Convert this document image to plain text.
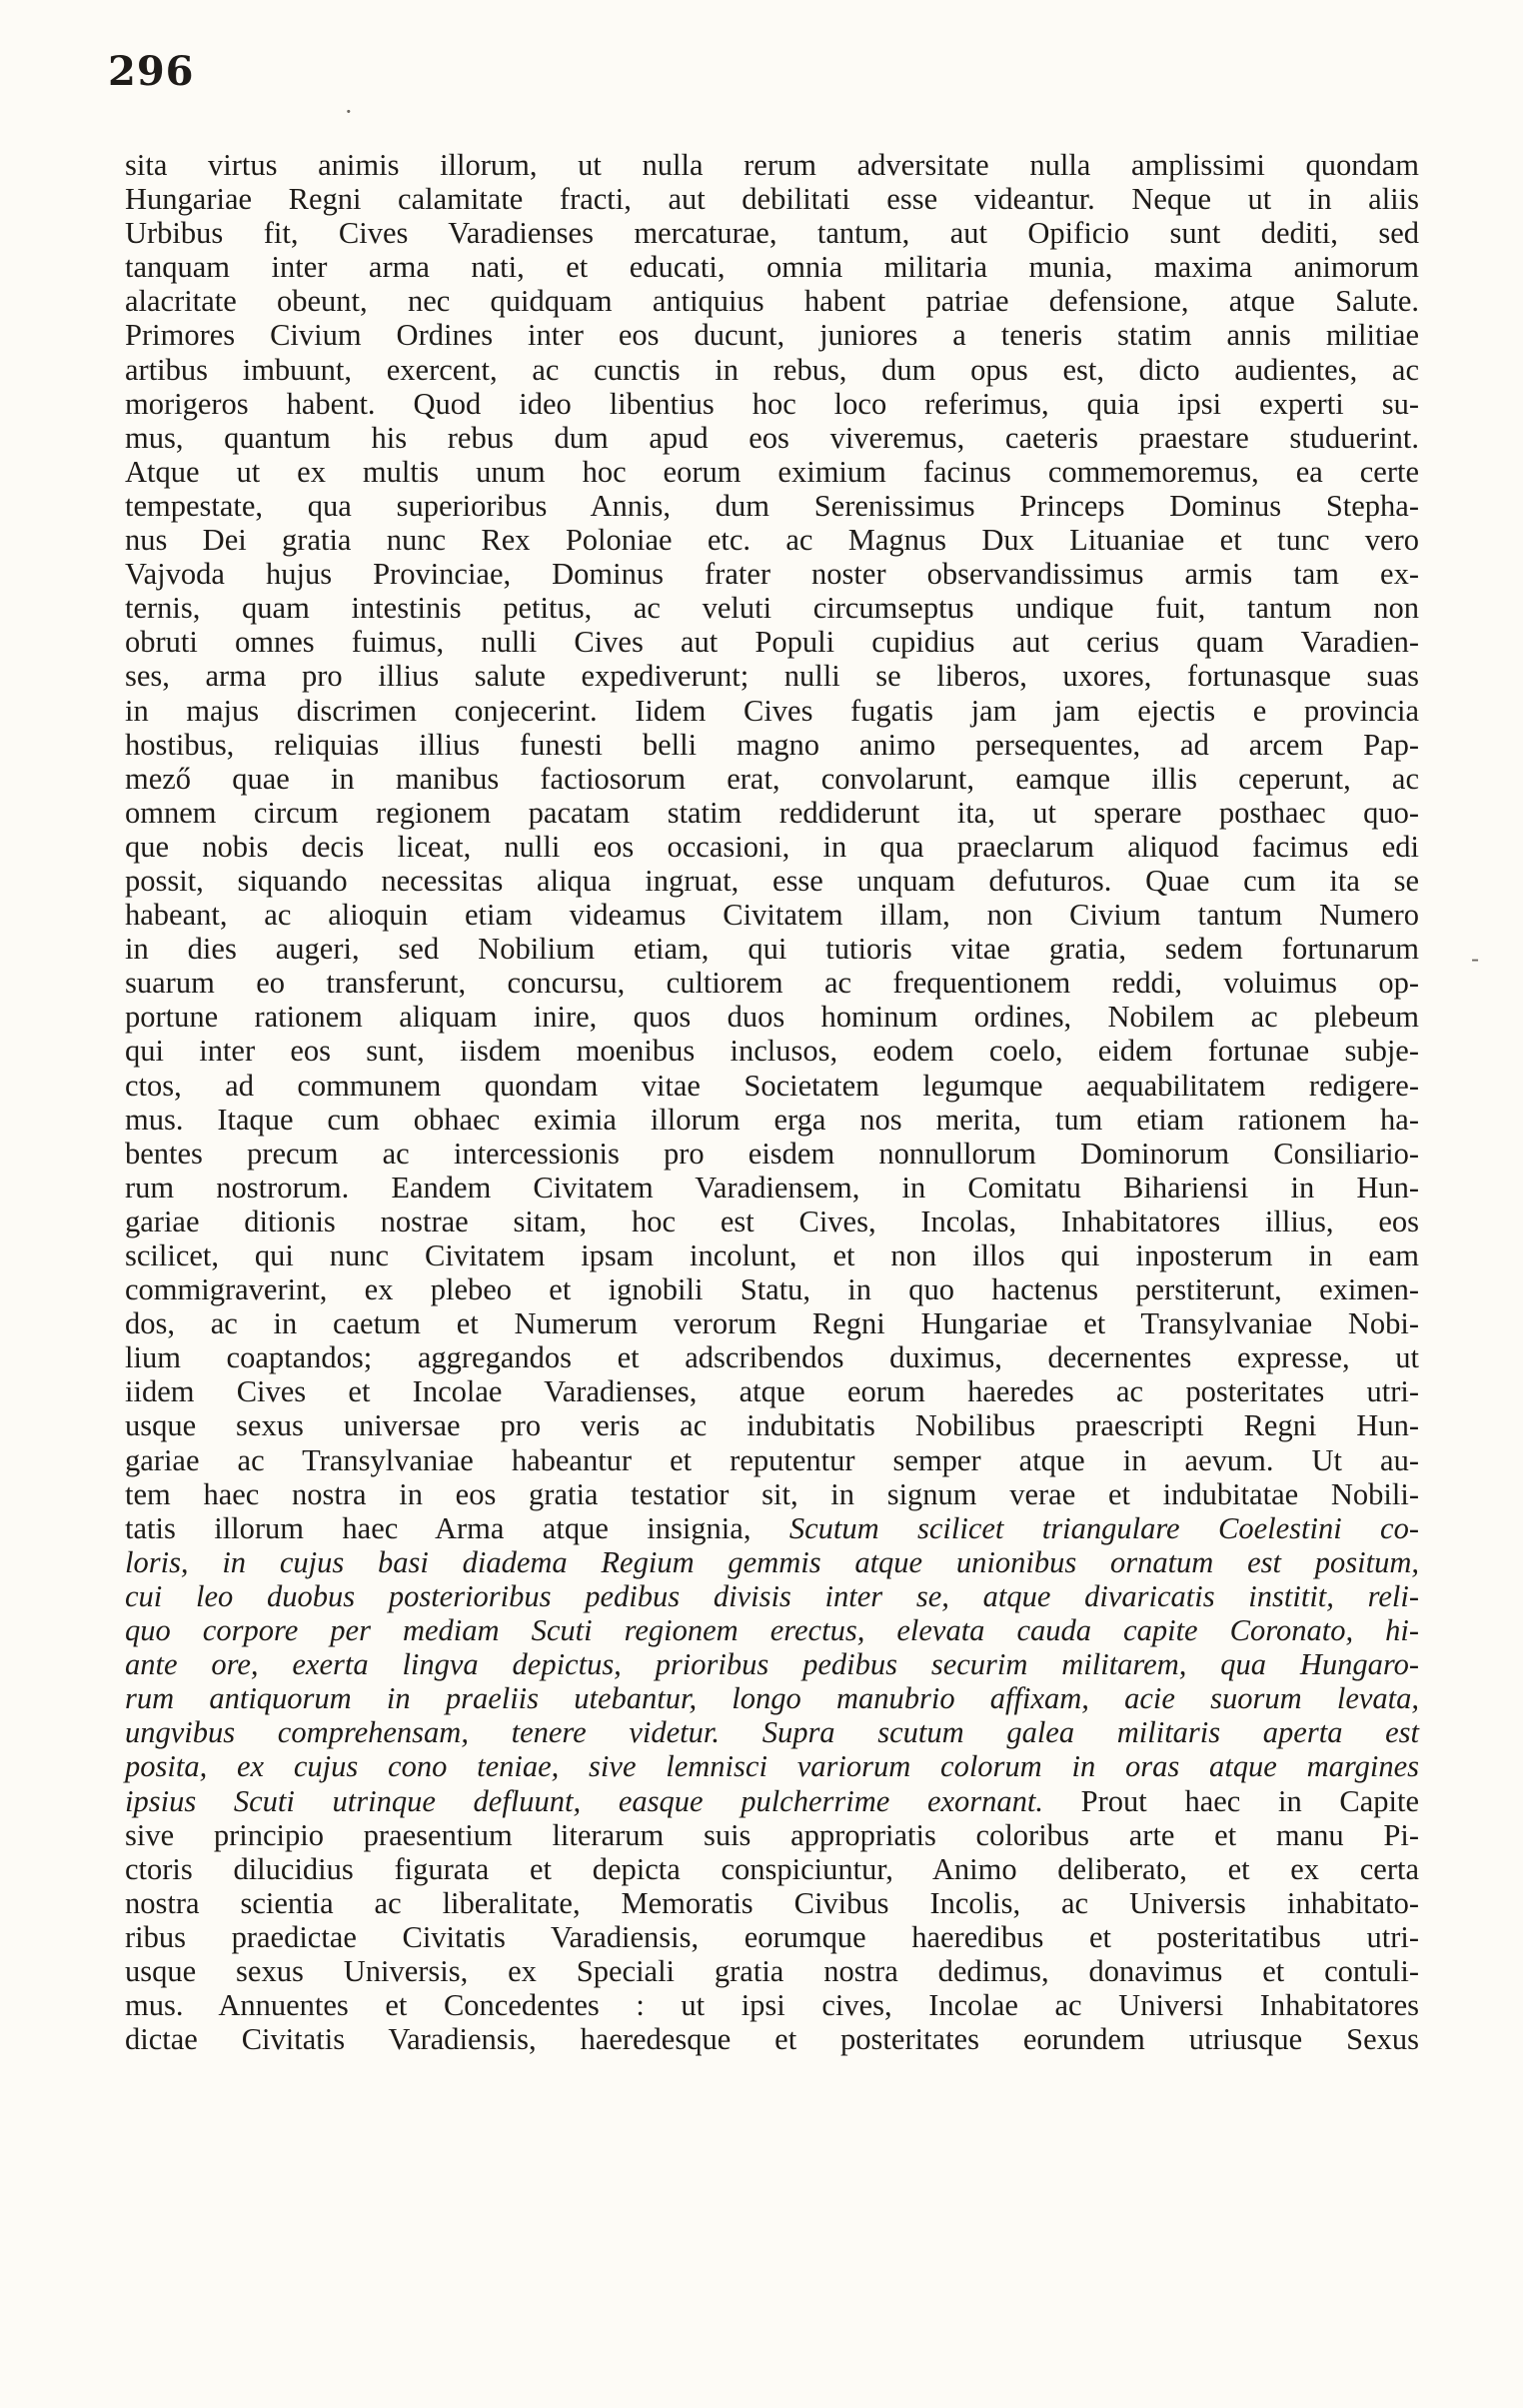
296
·
-
sita virtus animis illorum, ut nulla rerum adversitate nulla amplissimi quondam
Hungariae Regni calamitate fracti, aut debilitati esse videantur. Neque ut in aliis
Urbibus fit, Cives Varadienses mercaturae, tantum, aut Opificio sunt dediti, sed
tanquam inter arma nati, et educati, omnia militaria munia, maxima animorum
alacritate obeunt, nec quidquam antiquius habent patriae defensione, atque Salute.
Primores Civium Ordines inter eos ducunt, juniores a teneris statim annis militiae
artibus imbuunt, exercent, ac cunctis in rebus, dum opus est, dicto audientes, ac
morigeros habent. Quod ideo libentius hoc loco referimus, quia ipsi experti su-
mus, quantum his rebus dum apud eos viveremus, caeteris praestare studuerint.
Atque ut ex multis unum hoc eorum eximium facinus commemoremus, ea certe
tempestate, qua superioribus Annis, dum Serenissimus Princeps Dominus Stepha-
nus Dei gratia nunc Rex Poloniae etc. ac Magnus Dux Lituaniae et tunc vero
Vajvoda hujus Provinciae, Dominus frater noster observandissimus armis tam ex-
ternis, quam intestinis petitus, ac veluti circumseptus undique fuit, tantum non
obruti omnes fuimus, nulli Cives aut Populi cupidius aut cerius quam Varadien-
ses, arma pro illius salute expediverunt; nulli se liberos, uxores, fortunasque suas
in majus discrimen conjecerint. Iidem Cives fugatis jam jam ejectis e provincia
hostibus, reliquias illius funesti belli magno animo persequentes, ad arcem Pap-
mező quae in manibus factiosorum erat, convolarunt, eamque illis ceperunt, ac
omnem circum regionem pacatam statim reddiderunt ita, ut sperare posthaec quo-
que nobis decis liceat, nulli eos occasioni, in qua praeclarum aliquod facimus edi
possit, siquando necessitas aliqua ingruat, esse unquam defuturos. Quae cum ita se
habeant, ac alioquin etiam videamus Civitatem illam, non Civium tantum Numero
in dies augeri, sed Nobilium etiam, qui tutioris vitae gratia, sedem fortunarum
suarum eo transferunt, concursu, cultiorem ac frequentionem reddi, voluimus op-
portune rationem aliquam inire, quos duos hominum ordines, Nobilem ac plebeum
qui inter eos sunt, iisdem moenibus inclusos, eodem coelo, eidem fortunae subje-
ctos, ad communem quondam vitae Societatem legumque aequabilitatem redigere-
mus. Itaque cum obhaec eximia illorum erga nos merita, tum etiam rationem ha-
bentes precum ac intercessionis pro eisdem nonnullorum Dominorum Consiliario-
rum nostrorum. Eandem Civitatem Varadiensem, in Comitatu Bihariensi in Hun-
gariae ditionis nostrae sitam, hoc est Cives, Incolas, Inhabitatores illius, eos
scilicet, qui nunc Civitatem ipsam incolunt, et non illos qui inposterum in eam
commigraverint, ex plebeo et ignobili Statu, in quo hactenus perstiterunt, eximen-
dos, ac in caetum et Numerum verorum Regni Hungariae et Transylvaniae Nobi-
lium coaptandos; aggregandos et adscribendos duximus, decernentes expresse, ut
iidem Cives et Incolae Varadienses, atque eorum haeredes ac posteritates utri-
usque sexus universae pro veris ac indubitatis Nobilibus praescripti Regni Hun-
gariae ac Transylvaniae habeantur et reputentur semper atque in aevum. Ut au-
tem haec nostra in eos gratia testatior sit, in signum verae et indubitatae Nobili-
tatis illorum haec Arma atque insignia, Scutum scilicet triangulare Coelestini co-
loris, in cujus basi diadema Regium gemmis atque unionibus ornatum est positum,
cui leo duobus posterioribus pedibus divisis inter se, atque divaricatis institit, reli-
quo corpore per mediam Scuti regionem erectus, elevata cauda capite Coronato, hi-
ante ore, exerta lingva depictus, prioribus pedibus securim militarem, qua Hungaro-
rum antiquorum in praeliis utebantur, longo manubrio affixam, acie suorum levata,
ungvibus comprehensam, tenere videtur. Supra scutum galea militaris aperta est
posita, ex cujus cono teniae, sive lemnisci variorum colorum in oras atque margines
ipsius Scuti utrinque defluunt, easque pulcherrime exornant. Prout haec in Capite
sive principio praesentium literarum suis appropriatis coloribus arte et manu Pi-
ctoris dilucidius figurata et depicta conspiciuntur, Animo deliberato, et ex certa
nostra scientia ac liberalitate, Memoratis Civibus Incolis, ac Universis inhabitato-
ribus praedictae Civitatis Varadiensis, eorumque haeredibus et posteritatibus utri-
usque sexus Universis, ex Speciali gratia nostra dedimus, donavimus et contuli-
mus. Annuentes et Concedentes : ut ipsi cives, Incolae ac Universi Inhabitatores
dictae Civitatis Varadiensis, haeredesque et posteritates eorundem utriusque Sexus
